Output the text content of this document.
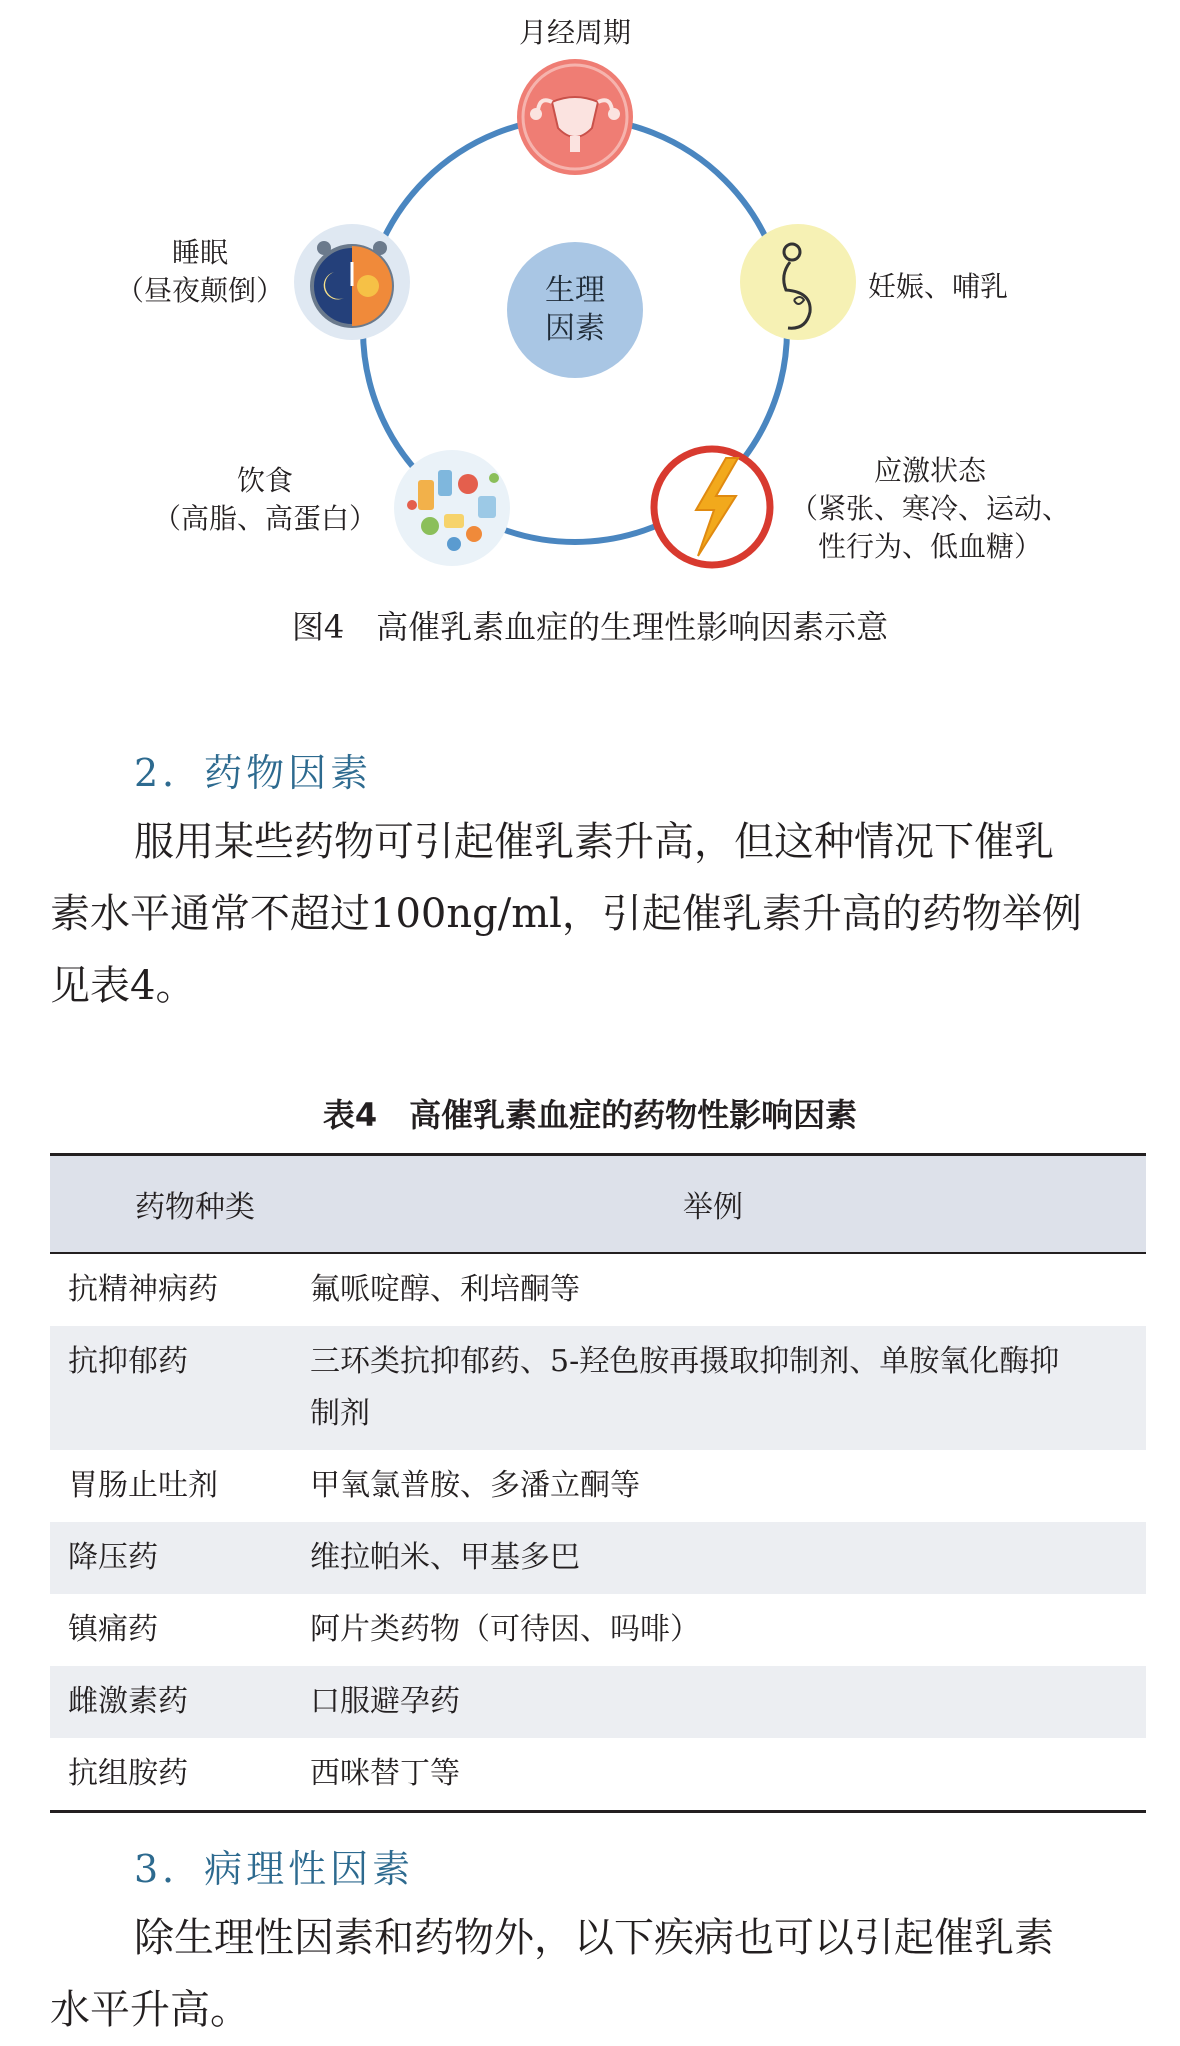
生理
因素
月经周期
妊娠、哺乳
睡眠
（昼夜颠倒）
饮食
（高脂、高蛋白）
应激状态
（紧张、寒冷、运动、
性行为、低血糖）
图4　高催乳素血症的生理性影响因素示意
2．药物因素
服用某些药物可引起催乳素升高，但这种情况下催乳
素水平通常不超过100ng/ml，引起催乳素升高的药物举例
见表4。
表4　高催乳素血症的药物性影响因素
药物种类	举例
抗精神病药	氟哌啶醇、利培酮等
抗抑郁药	三环类抗抑郁药、5-羟色胺再摄取抑制剂、单胺氧化酶抑
制剂
胃肠止吐剂	甲氧氯普胺、多潘立酮等
降压药	维拉帕米、甲基多巴
镇痛药	阿片类药物（可待因、吗啡）
雌激素药	口服避孕药
抗组胺药	西咪替丁等
3．病理性因素
除生理性因素和药物外，以下疾病也可以引起催乳素
水平升高。
